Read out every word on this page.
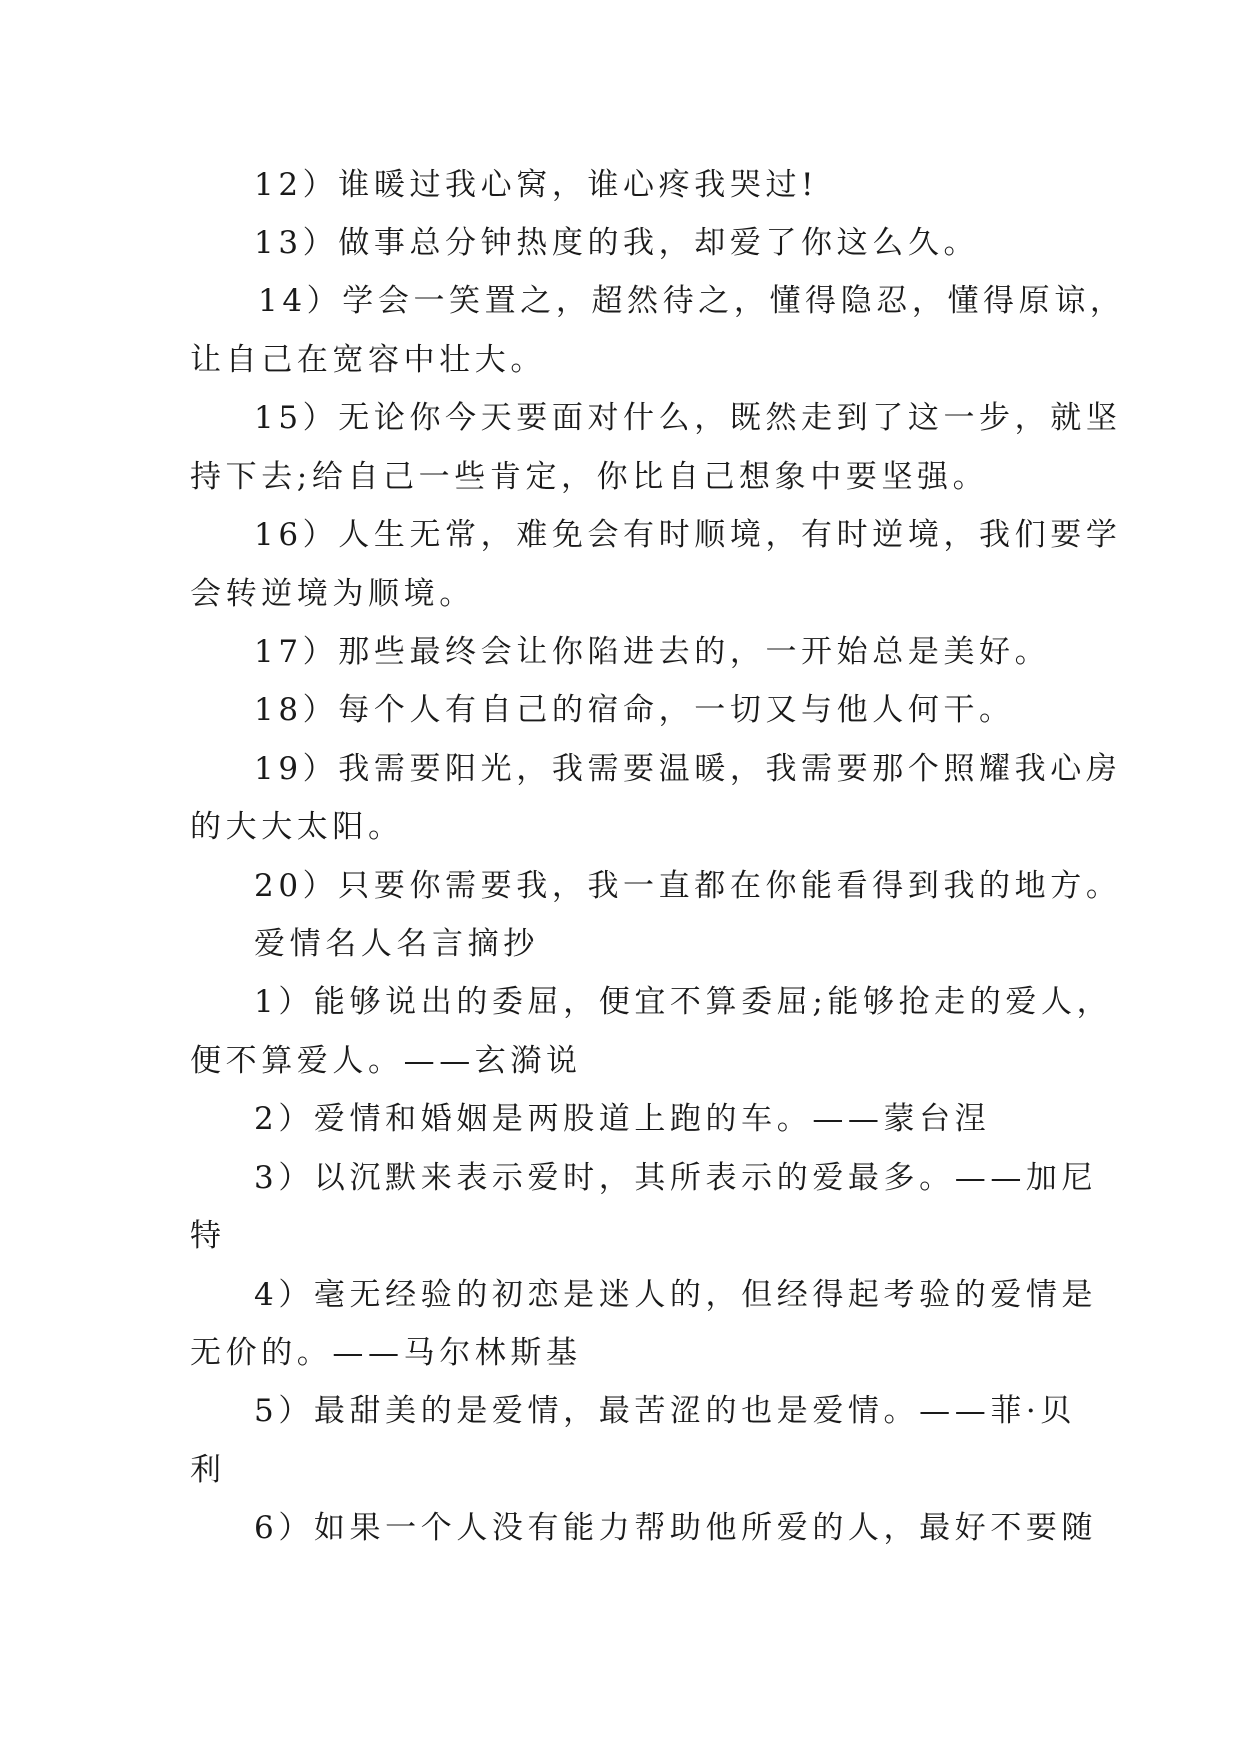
12）谁暖过我心窝，谁心疼我哭过!
13）做事总分钟热度的我，却爱了你这么久。
14）学会一笑置之，超然待之，懂得隐忍，懂得原谅，
让自己在宽容中壮大。
15）无论你今天要面对什么，既然走到了这一步，就坚
持下去;给自己一些肯定，你比自己想象中要坚强。
16）人生无常，难免会有时顺境，有时逆境，我们要学
会转逆境为顺境。
17）那些最终会让你陷进去的，一开始总是美好。
18）每个人有自己的宿命，一切又与他人何干。
19）我需要阳光，我需要温暖，我需要那个照耀我心房
的大大太阳。
20）只要你需要我，我一直都在你能看得到我的地方。
爱情名人名言摘抄
1）能够说出的委屈，便宜不算委屈;能够抢走的爱人，
便不算爱人。——玄漪说
2）爱情和婚姻是两股道上跑的车。——蒙台涅
3）以沉默来表示爱时，其所表示的爱最多。——加尼
特
4）毫无经验的初恋是迷人的，但经得起考验的爱情是
无价的。——马尔林斯基
5）最甜美的是爱情，最苦涩的也是爱情。——菲·贝
利
6）如果一个人没有能力帮助他所爱的人，最好不要随
